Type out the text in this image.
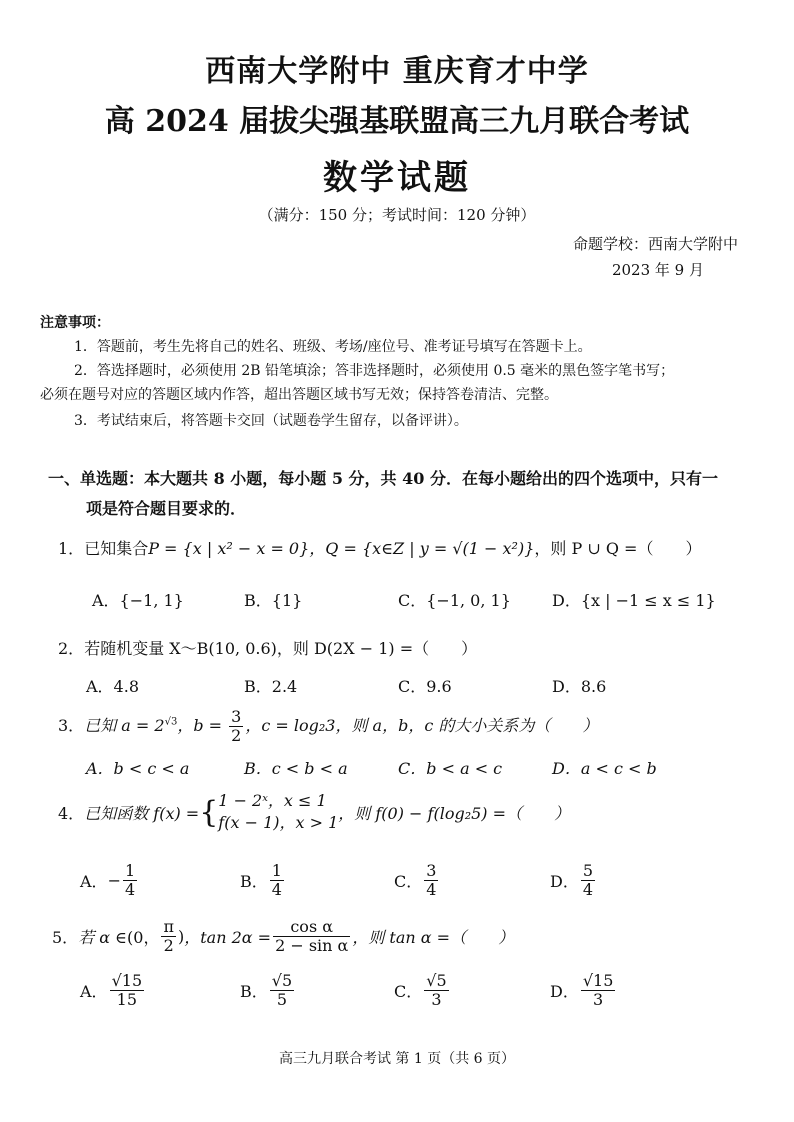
西南大学附中 重庆育才中学
高 2024 届拔尖强基联盟高三九月联合考试
数学试题
（满分：150 分；考试时间：120 分钟）
命题学校：西南大学附中
2023 年 9 月
注意事项：
1．答题前，考生先将自己的姓名、班级、考场/座位号、准考证号填写在答题卡上。
2．答选择题时，必须使用 2B 铅笔填涂；答非选择题时，必须使用 0.5 毫米的黑色签字笔书写；
必须在题号对应的答题区域内作答，超出答题区域书写无效；保持答卷清洁、完整。
3．考试结束后，将答题卡交回（试题卷学生留存，以备评讲）。
一、单选题：本大题共 8 小题，每小题 5 分，共 40 分．在每小题给出的四个选项中，只有一
项是符合题目要求的．
1．已知集合P = {x | x² − x = 0}，Q = {x∈Z | y = √(1 − x²)}，则 P ∪ Q =（　　）
A．{−1, 1}	B．{1}	C．{−1, 0, 1}	D．{x | −1 ≤ x ≤ 1}
2．若随机变量 X～B(10, 0.6)，则 D(2X − 1) =（　　）
A．4.8	B．2.4	C．9.6	D．8.6
3．已知 $a = 2^{√3}$，$b = \frac{3}{2}$ ，c = log₂3，则 a，b，c 的大小关系为（　　）
A．b < c < a	B．c < b < a	C．b < a < c	D．a < c < b
4． 已知函数 f(x) = { 1 − 2ˣ，x ≤ 1
f(x − 1)，x > 1 ，则 f(0) − f(log₂5) =（　　）
A． − $\frac{1}{4}$	B． $\frac{1}{4}$	C． $\frac{3}{4}$	D． $\frac{5}{4}$
5． 若 α ∈ (0， $\frac{\pi}{2}$ ) ，$\tan 2\alpha = \frac{\text{cos α}}{\text{2 − sin α}}$ ，则 tan α =（　　）
A． $\frac{√15}{15}$	B． $\frac{√5}{5}$	C． $\frac{√5}{3}$	D． $\frac{√15}{3}$
高三九月联合考试 第 1 页（共 6 页）
